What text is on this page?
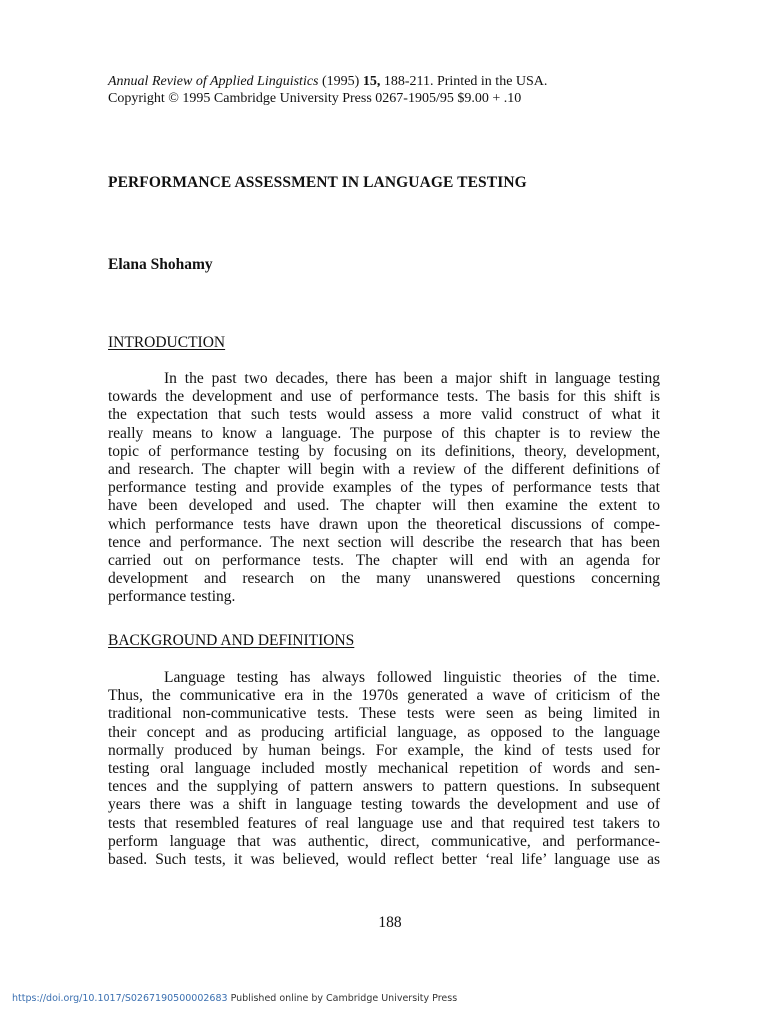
Annual Review of Applied Linguistics (1995) 15, 188-211. Printed in the USA.
Copyright © 1995 Cambridge University Press 0267-1905/95 $9.00 + .10
PERFORMANCE ASSESSMENT IN LANGUAGE TESTING
Elana Shohamy
INTRODUCTION
In the past two decades, there has been a major shift in language testing
towards the development and use of performance tests. The basis for this shift is
the expectation that such tests would assess a more valid construct of what it
really means to know a language. The purpose of this chapter is to review the
topic of performance testing by focusing on its definitions, theory, development,
and research. The chapter will begin with a review of the different definitions of
performance testing and provide examples of the types of performance tests that
have been developed and used. The chapter will then examine the extent to
which performance tests have drawn upon the theoretical discussions of compe-
tence and performance. The next section will describe the research that has been
carried out on performance tests. The chapter will end with an agenda for
development and research on the many unanswered questions concerning
performance testing.
BACKGROUND AND DEFINITIONS
Language testing has always followed linguistic theories of the time.
Thus, the communicative era in the 1970s generated a wave of criticism of the
traditional non-communicative tests. These tests were seen as being limited in
their concept and as producing artificial language, as opposed to the language
normally produced by human beings. For example, the kind of tests used for
testing oral language included mostly mechanical repetition of words and sen-
tences and the supplying of pattern answers to pattern questions. In subsequent
years there was a shift in language testing towards the development and use of
tests that resembled features of real language use and that required test takers to
perform language that was authentic, direct, communicative, and performance-
based. Such tests, it was believed, would reflect better ‘real life’ language use as
188
https://doi.org/10.1017/S0267190500002683 Published online by Cambridge University Press
